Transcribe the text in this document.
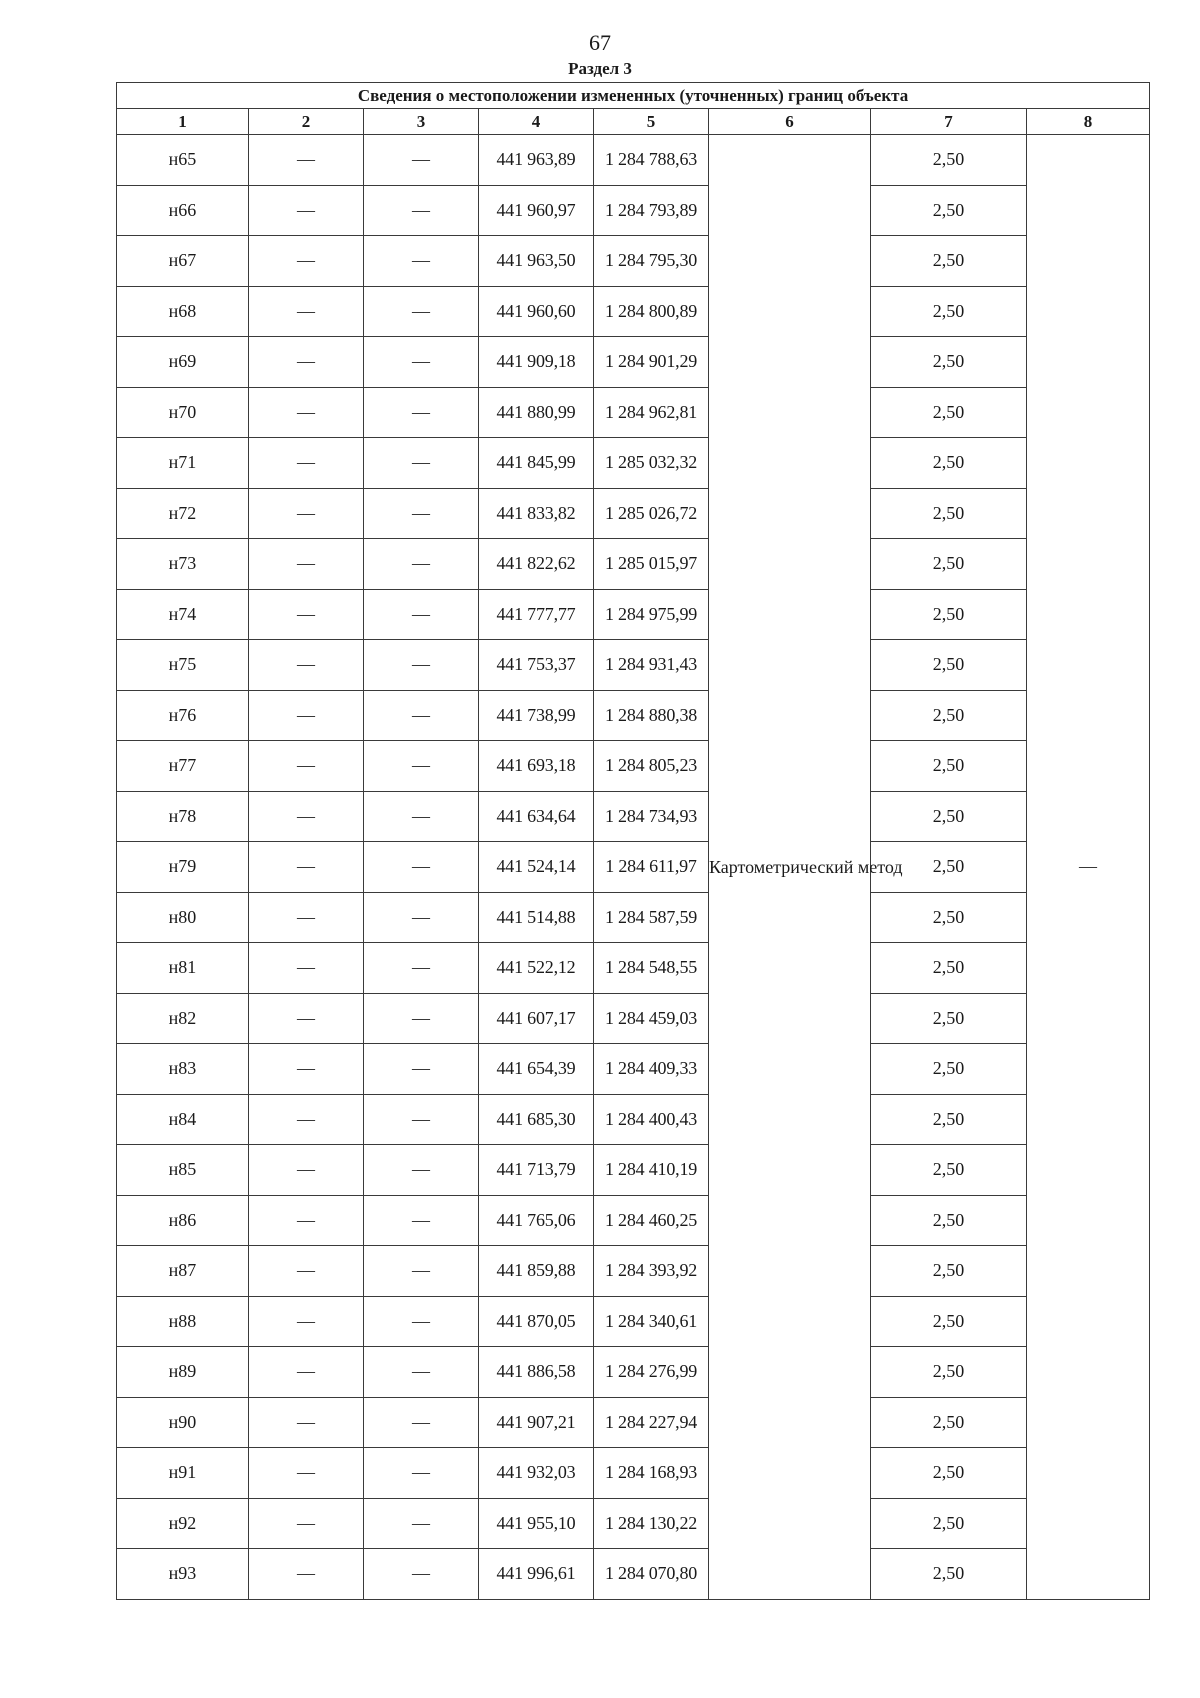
67
Раздел 3
Сведения о местоположении измененных (уточненных) границ объекта							
1	2	3	4	5	6	7	8
н65	—	—	441 963,89	1 284 788,63	Картометрический метод	2,50	—
н66	—	—	441 960,97	1 284 793,89		2,50	
н67	—	—	441 963,50	1 284 795,30		2,50	
н68	—	—	441 960,60	1 284 800,89		2,50	
н69	—	—	441 909,18	1 284 901,29		2,50	
н70	—	—	441 880,99	1 284 962,81		2,50	
н71	—	—	441 845,99	1 285 032,32		2,50	
н72	—	—	441 833,82	1 285 026,72		2,50	
н73	—	—	441 822,62	1 285 015,97		2,50	
н74	—	—	441 777,77	1 284 975,99		2,50	
н75	—	—	441 753,37	1 284 931,43		2,50	
н76	—	—	441 738,99	1 284 880,38		2,50	
н77	—	—	441 693,18	1 284 805,23		2,50	
н78	—	—	441 634,64	1 284 734,93		2,50	
н79	—	—	441 524,14	1 284 611,97		2,50	
н80	—	—	441 514,88	1 284 587,59		2,50	
н81	—	—	441 522,12	1 284 548,55		2,50	
н82	—	—	441 607,17	1 284 459,03		2,50	
н83	—	—	441 654,39	1 284 409,33		2,50	
н84	—	—	441 685,30	1 284 400,43		2,50	
н85	—	—	441 713,79	1 284 410,19		2,50	
н86	—	—	441 765,06	1 284 460,25		2,50	
н87	—	—	441 859,88	1 284 393,92		2,50	
н88	—	—	441 870,05	1 284 340,61		2,50	
н89	—	—	441 886,58	1 284 276,99		2,50	
н90	—	—	441 907,21	1 284 227,94		2,50	
н91	—	—	441 932,03	1 284 168,93		2,50	
н92	—	—	441 955,10	1 284 130,22		2,50	
н93	—	—	441 996,61	1 284 070,80		2,50	
